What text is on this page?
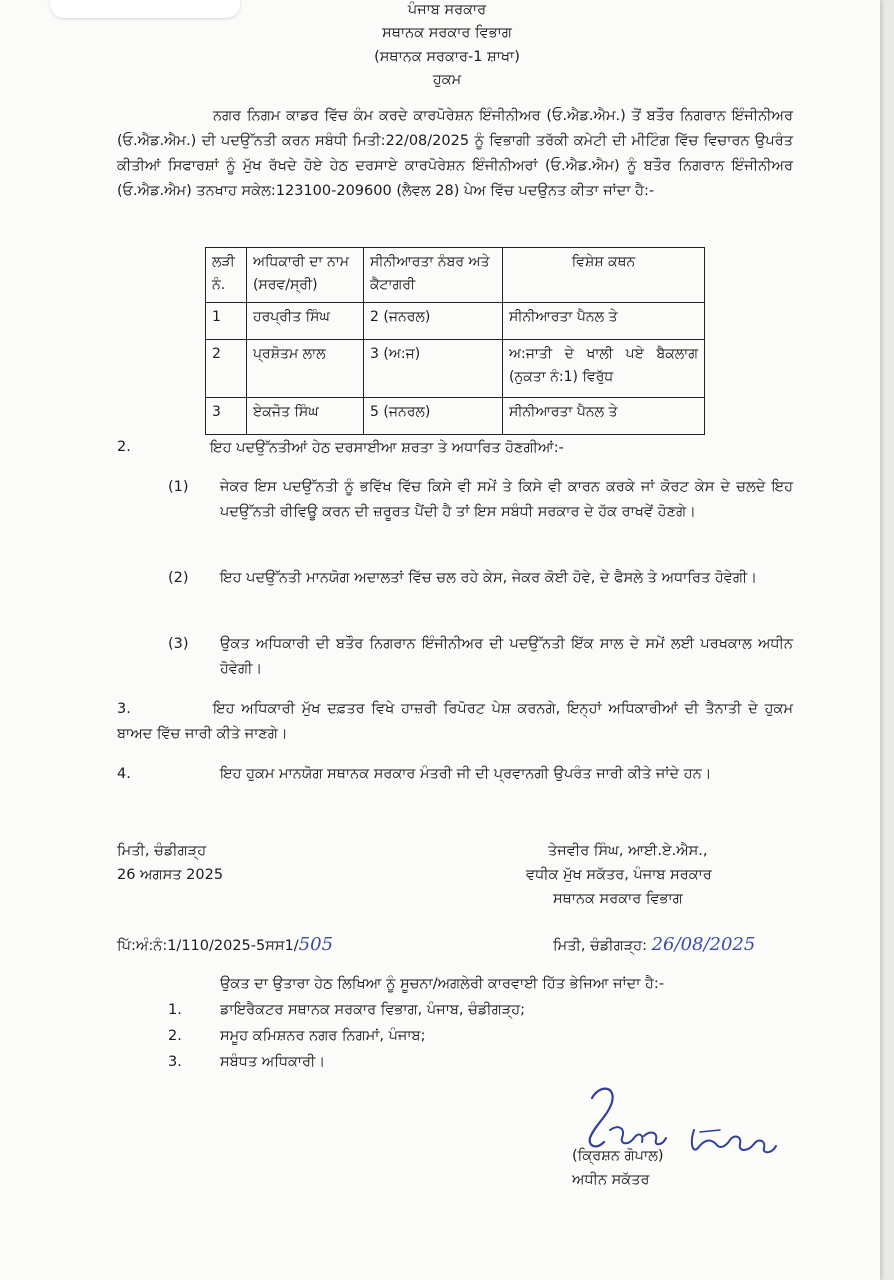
ਪੰਜਾਬ ਸਰਕਾਰ
ਸਥਾਨਕ ਸਰਕਾਰ ਵਿਭਾਗ
(ਸਥਾਨਕ ਸਰਕਾਰ-1 ਸ਼ਾਖਾ)
ਹੁਕਮ

ਨਗਰ ਨਿਗਮ ਕਾਡਰ ਵਿੱਚ ਕੰਮ ਕਰਦੇ ਕਾਰਪੋਰੇਸ਼ਨ ਇੰਜੀਨੀਅਰ (ਓ.ਐਡ.ਐਮ.) ਤੋਂ ਬਤੌਰ ਨਿਗਰਾਨ ਇੰਜੀਨੀਅਰ (ਓ.ਐਡ.ਐਮ.) ਦੀ ਪਦਉੱਨਤੀ ਕਰਨ ਸਬੰਧੀ ਮਿਤੀ:22/08/2025 ਨੂੰ ਵਿਭਾਗੀ ਤਰੱਕੀ ਕਮੇਟੀ ਦੀ ਮੀਟਿੰਗ ਵਿੱਚ ਵਿਚਾਰਨ ਉਪਰੰਤ ਕੀਤੀਆਂ ਸਿਫਾਰਸ਼ਾਂ ਨੂੰ ਮੁੱਖ ਰੱਖਦੇ ਹੋਏ ਹੇਠ ਦਰਸਾਏ ਕਾਰਪੋਰੇਸ਼ਨ ਇੰਜੀਨੀਅਰਾਂ (ਓ.ਐਡ.ਐਮ) ਨੂੰ ਬਤੌਰ ਨਿਗਰਾਨ ਇੰਜੀਨੀਅਰ (ਓ.ਐਡ.ਐਮ) ਤਨਖਾਹ ਸਕੇਲ:123100-209600 (ਲੈਵਲ 28) ਪੇਅ ਵਿੱਚ ਪਦਉਨਤ ਕੀਤਾ ਜਾਂਦਾ ਹੈ:-

ਲੜੀ ਨੰ.	ਅਧਿਕਾਰੀ ਦਾ ਨਾਮ (ਸਰਵ/ਸ੍ਰੀ)	ਸੀਨੀਆਰਤਾ ਨੰਬਰ ਅਤੇ ਕੈਟਾਗਰੀ	ਵਿਸ਼ੇਸ਼ ਕਥਨ
1	ਹਰਪ੍ਰੀਤ ਸਿੰਘ	2 (ਜਨਰਲ)	ਸੀਨੀਆਰਤਾ ਪੈਨਲ ਤੇ
2	ਪ੍ਰਸ਼ੋਤਮ ਲਾਲ	3 (ਅ:ਜ)	ਅ:ਜਾਤੀ ਦੇ ਖਾਲੀ ਪਏ ਬੈਕਲਾਗ (ਨੁਕਤਾ ਨੰ:1) ਵਿਰੁੱਧ
3	ਏਕਜੋਤ ਸਿੰਘ	5 (ਜਨਰਲ)	ਸੀਨੀਆਰਤਾ ਪੈਨਲ ਤੇ
2.	ਇਹ ਪਦਉੱਨਤੀਆਂ ਹੇਠ ਦਰਸਾਈਆ ਸ਼ਰਤਾ ਤੇ ਅਧਾਰਿਤ ਹੋਣਗੀਆਂ:-
(1) ਜੇਕਰ ਇਸ ਪਦਉੱਨਤੀ ਨੂੰ ਭਵਿੱਖ ਵਿੱਚ ਕਿਸੇ ਵੀ ਸਮੇਂ ਤੇ ਕਿਸੇ ਵੀ ਕਾਰਨ ਕਰਕੇ ਜਾਂ ਕੋਰਟ ਕੇਸ ਦੇ ਚਲਦੇ ਇਹ ਪਦਉੱਨਤੀ ਰੀਵਿਊ ਕਰਨ ਦੀ ਜ਼ਰੂਰਤ ਪੈਂਦੀ ਹੈ ਤਾਂ ਇਸ ਸਬੰਧੀ ਸਰਕਾਰ ਦੇ ਹੱਕ ਰਾਖਵੇਂ ਹੋਣਗੇ।
(2) ਇਹ ਪਦਉੱਨਤੀ ਮਾਨਯੋਗ ਅਦਾਲਤਾਂ ਵਿੱਚ ਚਲ ਰਹੇ ਕੇਸ, ਜੇਕਰ ਕੋਈ ਹੋਵੇ, ਦੇ ਫੈਸਲੇ ਤੇ ਅਧਾਰਿਤ ਹੋਵੇਗੀ।
(3) ਉਕਤ ਅਧਿਕਾਰੀ ਦੀ ਬਤੌਰ ਨਿਗਰਾਨ ਇੰਜੀਨੀਅਰ ਦੀ ਪਦਉੱਨਤੀ ਇੱਕ ਸਾਲ ਦੇ ਸਮੇਂ ਲਈ ਪਰਖਕਾਲ ਅਧੀਨ ਹੋਵੇਗੀ।

3.	ਇਹ ਅਧਿਕਾਰੀ ਮੁੱਖ ਦਫ਼ਤਰ ਵਿਖੇ ਹਾਜ਼ਰੀ ਰਿਪੋਰਟ ਪੇਸ਼ ਕਰਨਗੇ, ਇਨ੍ਹਾਂ ਅਧਿਕਾਰੀਆਂ ਦੀ ਤੈਨਾਤੀ ਦੇ ਹੁਕਮ ਬਾਅਦ ਵਿੱਚ ਜਾਰੀ ਕੀਤੇ ਜਾਣਗੇ।

4.	ਇਹ ਹੁਕਮ ਮਾਨਯੋਗ ਸਥਾਨਕ ਸਰਕਾਰ ਮੰਤਰੀ ਜੀ ਦੀ ਪ੍ਰਵਾਨਗੀ ਉਪਰੰਤ ਜਾਰੀ ਕੀਤੇ ਜਾਂਦੇ ਹਨ।
ਮਿਤੀ, ਚੰਡੀਗੜ੍ਹ
26 ਅਗਸਤ 2025
ਤੇਜਵੀਰ ਸਿੰਘ, ਆਈ.ਏ.ਐਸ.,
ਵਧੀਕ ਮੁੱਖ ਸਕੱਤਰ, ਪੰਜਾਬ ਸਰਕਾਰ
ਸਥਾਨਕ ਸਰਕਾਰ ਵਿਭਾਗ
ਪਿੱ:ਅੰ:ਨੰ:1/110/2025-5ਸਸ1/505	ਮਿਤੀ, ਚੰਡੀਗੜ੍ਹ: 26/08/2025
ਉਕਤ ਦਾ ਉਤਾਰਾ ਹੇਠ ਲਿਖਿਆ ਨੂੰ ਸੂਚਨਾ/ਅਗਲੇਰੀ ਕਾਰਵਾਈ ਹਿੱਤ ਭੇਜਿਆ ਜਾਂਦਾ ਹੈ:-
1.	ਡਾਇਰੈਕਟਰ ਸਥਾਨਕ ਸਰਕਾਰ ਵਿਭਾਗ, ਪੰਜਾਬ, ਚੰਡੀਗੜ੍ਹ;
2.	ਸਮੂਹ ਕਮਿਸ਼ਨਰ ਨਗਰ ਨਿਗਮਾਂ, ਪੰਜਾਬ;
3.	ਸਬੰਧਤ ਅਧਿਕਾਰੀ।
(ਕ੍ਰਿਸ਼ਨ ਗੋਪਾਲ)
ਅਧੀਨ ਸਕੱਤਰ
